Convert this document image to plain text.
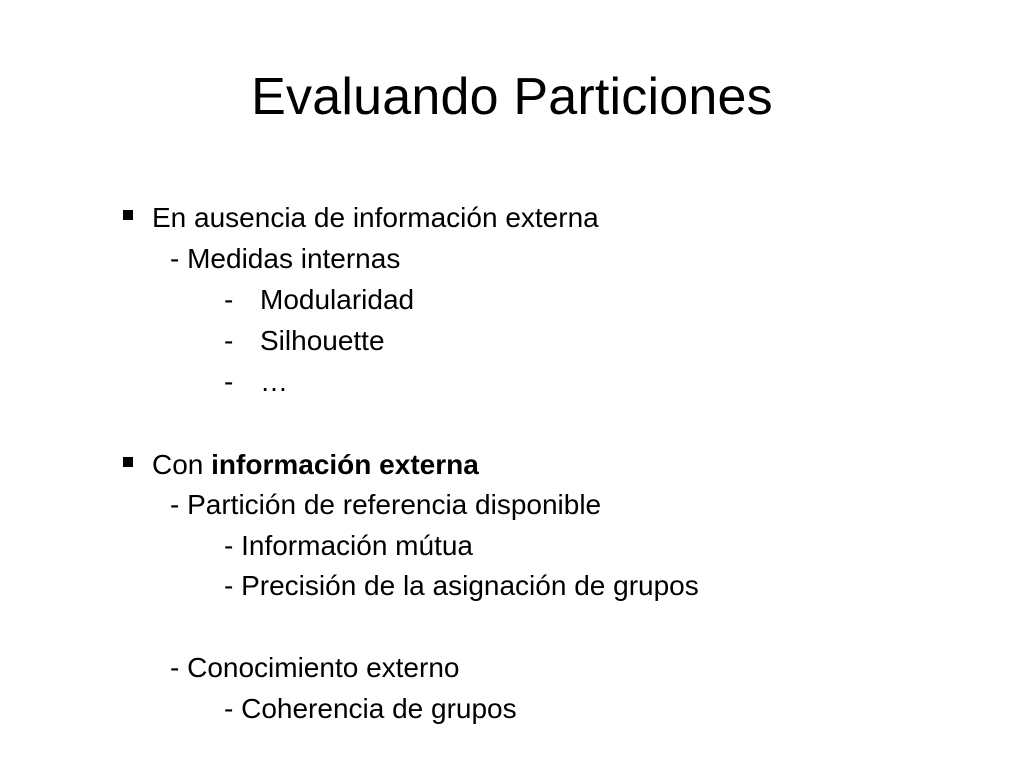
Evaluando Particiones
En ausencia de información externa
- Medidas internas
- Modularidad
- Silhouette
- …
Con información externa
- Partición de referencia disponible
- Información mútua
- Precisión de la asignación de grupos
- Conocimiento externo
- Coherencia de grupos
